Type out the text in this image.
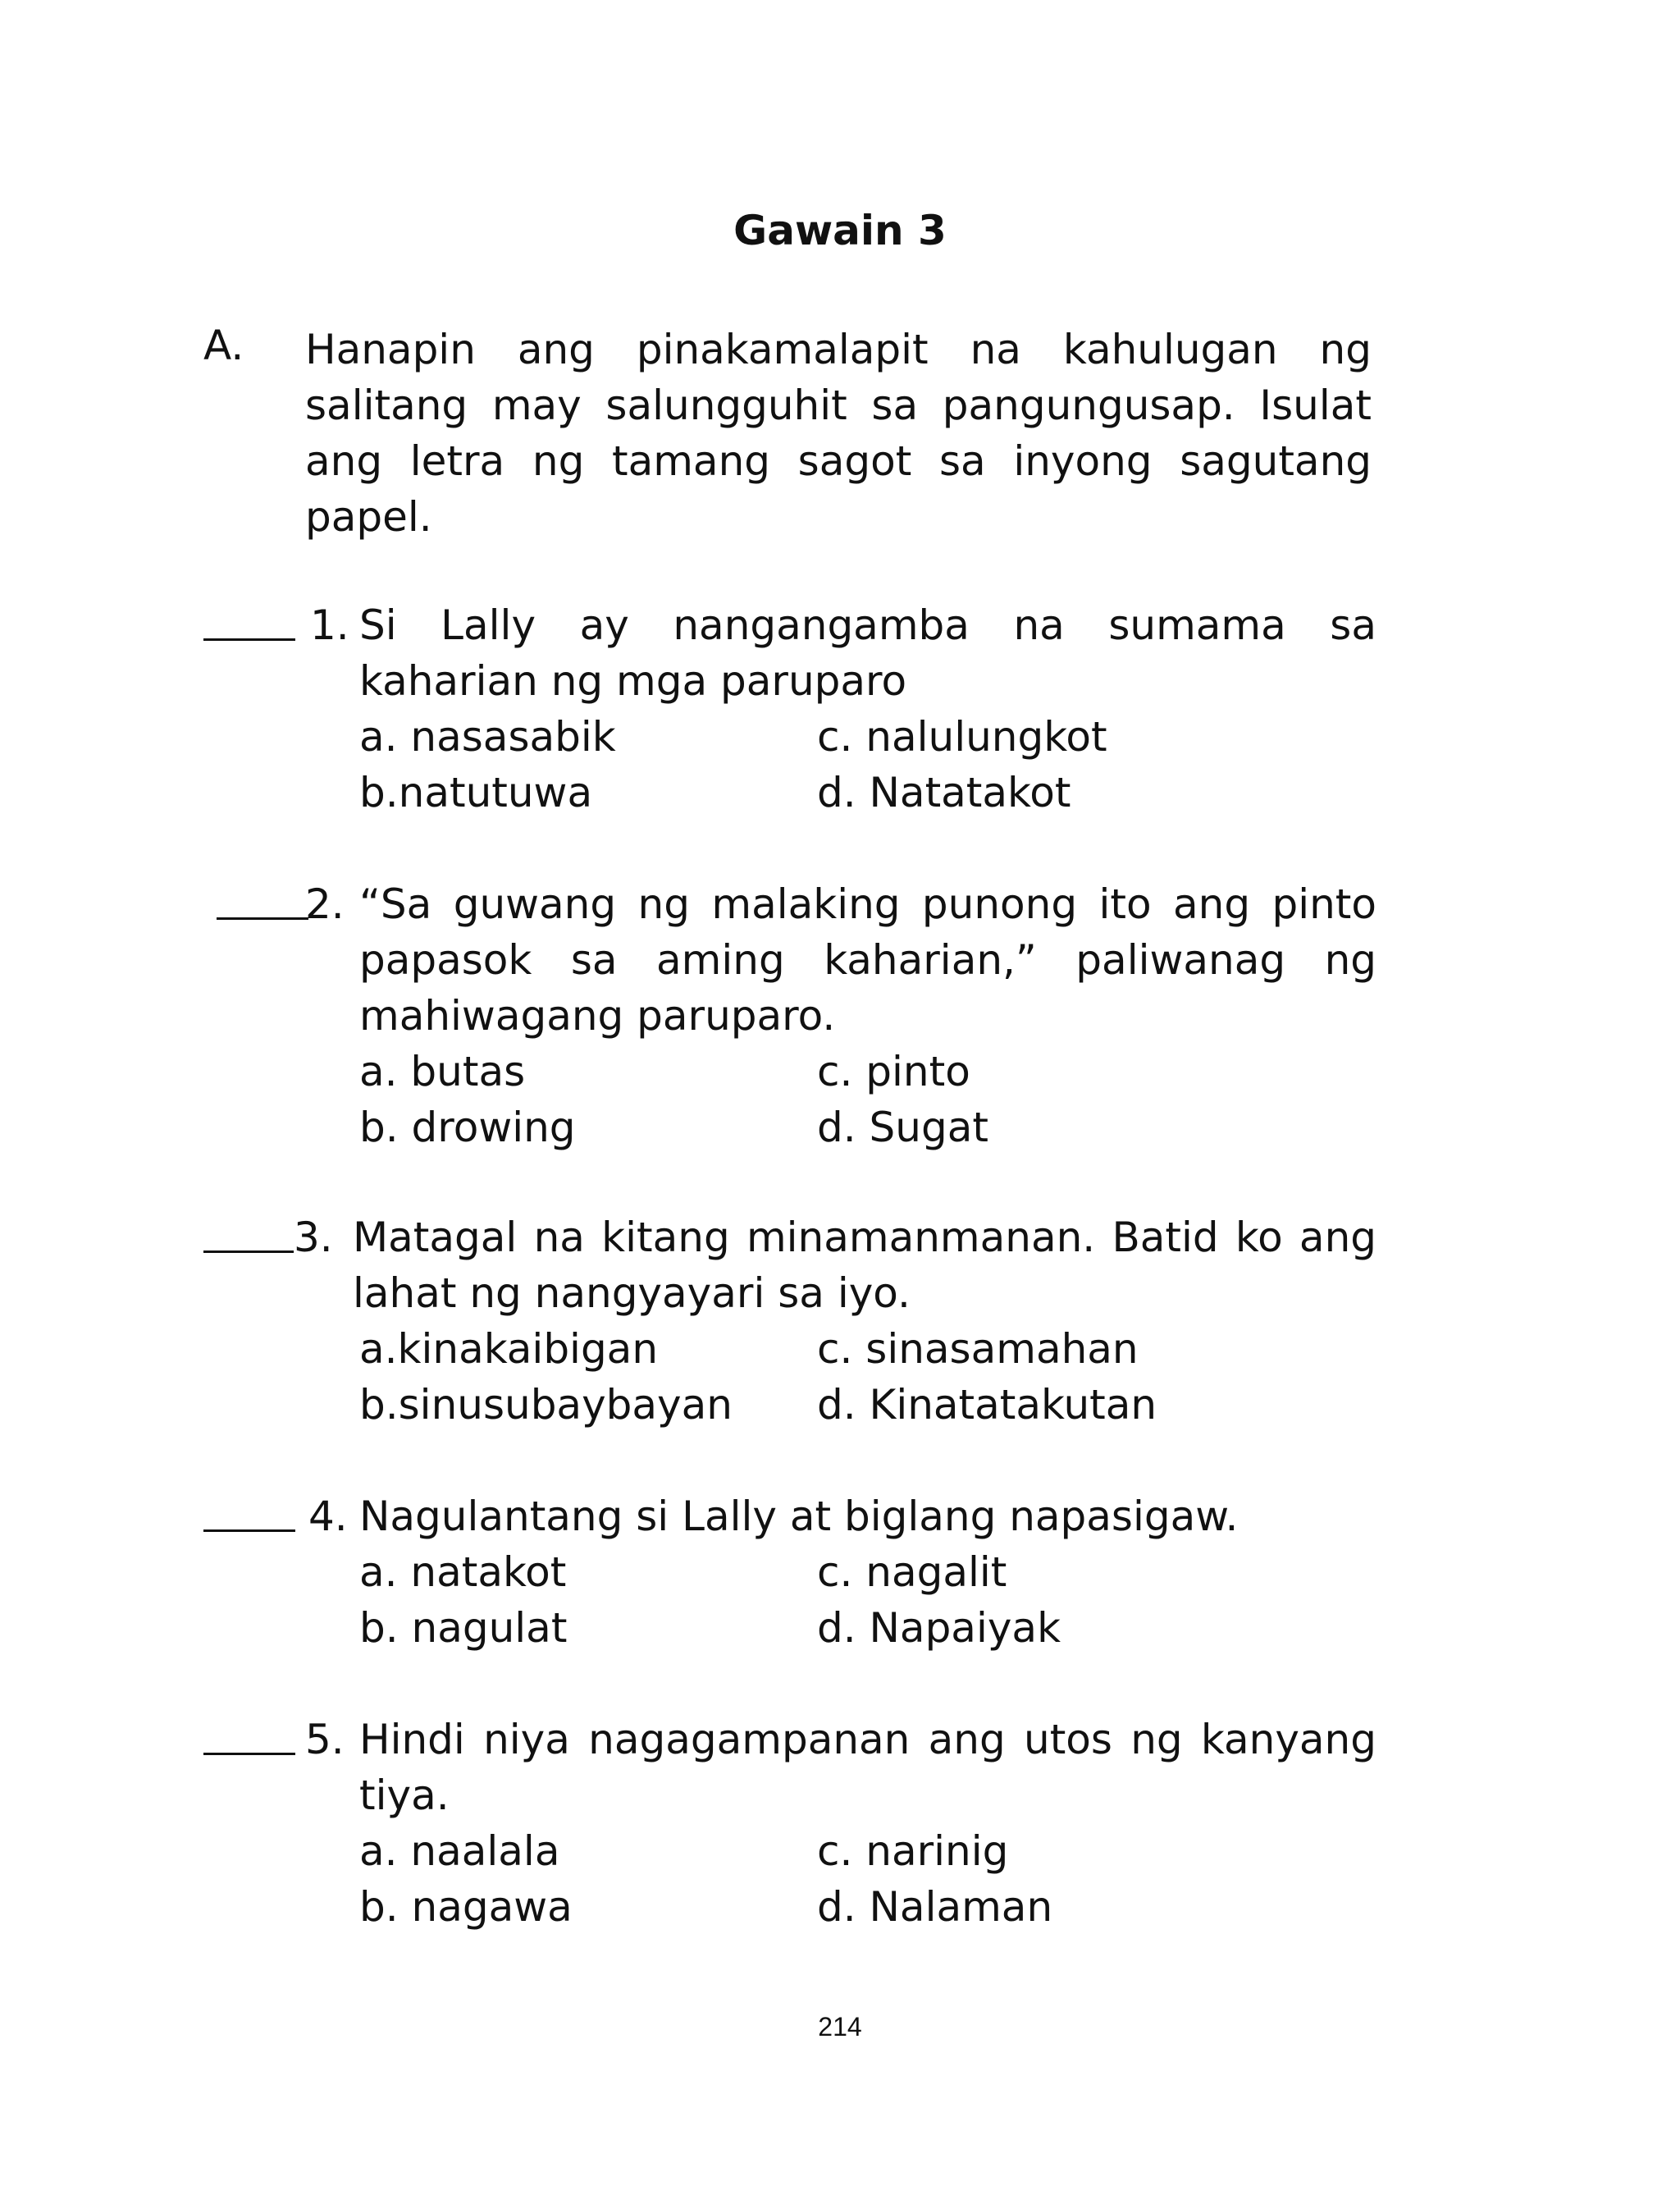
Gawain 3
A. Hanapin ang pinakamalapit na kahulugan ng salitang may salungguhit sa pangungusap. Isulat ang letra ng tamang sagot sa inyong sagutang papel.
1. Si Lally ay nangangamba na sumama sa kaharian ng mga paruparo
a. nasasabik	c. nalulungkot
b.natutuwa	d. Natatakot
2. “Sa guwang ng malaking punong ito ang pinto papasok sa aming kaharian,” paliwanag ng mahiwagang paruparo.
a. butas	c. pinto
b. drowing	d. Sugat
3. Matagal na kitang minamanmanan. Batid ko ang lahat ng nangyayari sa iyo.
a.kinakaibigan	c. sinasamahan
b.sinusubaybayan	d. Kinatatakutan
4. Nagulantang si Lally at biglang napasigaw.
a. natakot	c. nagalit
b. nagulat	d. Napaiyak
5. Hindi niya nagagampanan ang utos ng kanyang tiya.
a. naalala	c. narinig
b. nagawa	d. Nalaman
214
